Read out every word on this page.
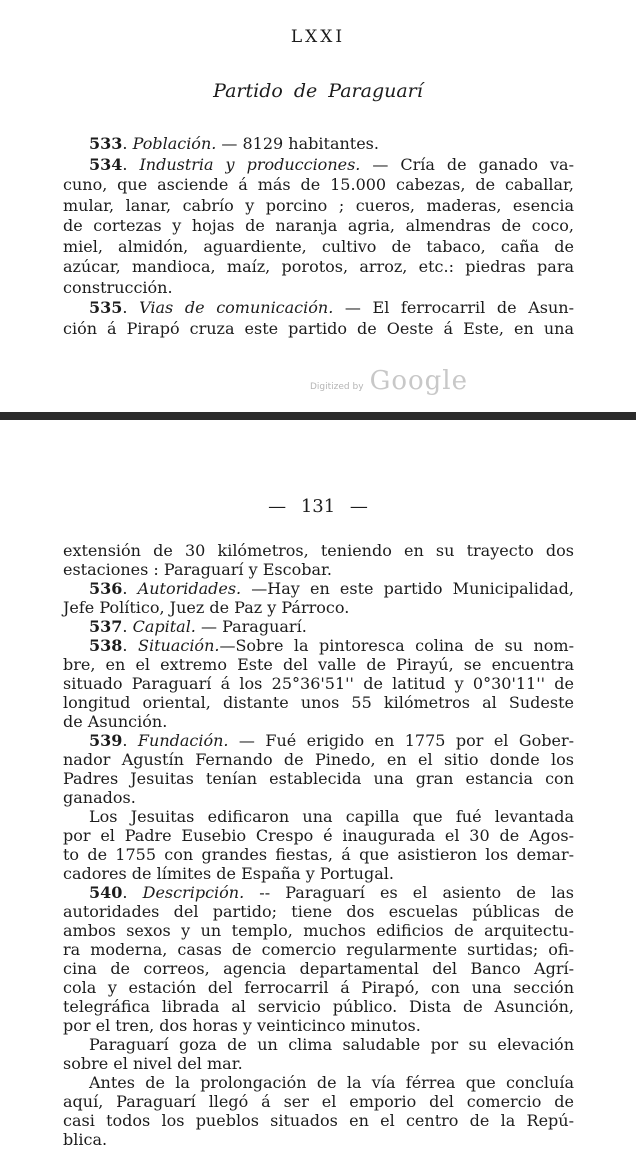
LXXI
Partido de Paraguarí
533. Población. — 8129 habitantes.
534. Industria y producciones. — Cría de ganado va-
cuno, que asciende á más de 15.000 cabezas, de caballar,
mular, lanar, cabrío y porcino ; cueros, maderas, esencia
de cortezas y hojas de naranja agria, almendras de coco,
miel, almidón, aguardiente, cultivo de tabaco, caña de
azúcar, mandioca, maíz, porotos, arroz, etc.: piedras para
construcción.
535. Vias de comunicación. — El ferrocarril de Asun-
ción á Pirapó cruza este partido de Oeste á Este, en una
Digitized by Google
— 131 —
extensión de 30 kilómetros, teniendo en su trayecto dos
estaciones : Paraguarí y Escobar.
536. Autoridades. —Hay en este partido Municipalidad,
Jefe Político, Juez de Paz y Párroco.
537. Capital. — Paraguarí.
538. Situación.—Sobre la pintoresca colina de su nom-
bre, en el extremo Este del valle de Pirayú, se encuentra
situado Paraguarí á los 25°36'51'' de latitud y 0°30'11'' de
longitud oriental, distante unos 55 kilómetros al Sudeste
de Asunción.
539. Fundación. — Fué erigido en 1775 por el Gober-
nador Agustín Fernando de Pinedo, en el sitio donde los
Padres Jesuitas tenían establecida una gran estancia con
ganados.
Los Jesuitas edificaron una capilla que fué levantada
por el Padre Eusebio Crespo é inaugurada el 30 de Agos-
to de 1755 con grandes fiestas, á que asistieron los demar-
cadores de límites de España y Portugal.
540. Descripción. -- Paraguarí es el asiento de las
autoridades del partido; tiene dos escuelas públicas de
ambos sexos y un templo, muchos edificios de arquitectu-
ra moderna, casas de comercio regularmente surtidas; ofi-
cina de correos, agencia departamental del Banco Agrí-
cola y estación del ferrocarril á Pirapó, con una sección
telegráfica librada al servicio público. Dista de Asunción,
por el tren, dos horas y veinticinco minutos.
Paraguarí goza de un clima saludable por su elevación
sobre el nivel del mar.
Antes de la prolongación de la vía férrea que concluía
aquí, Paraguarí llegó á ser el emporio del comercio de
casi todos los pueblos situados en el centro de la Repú-
blica.
